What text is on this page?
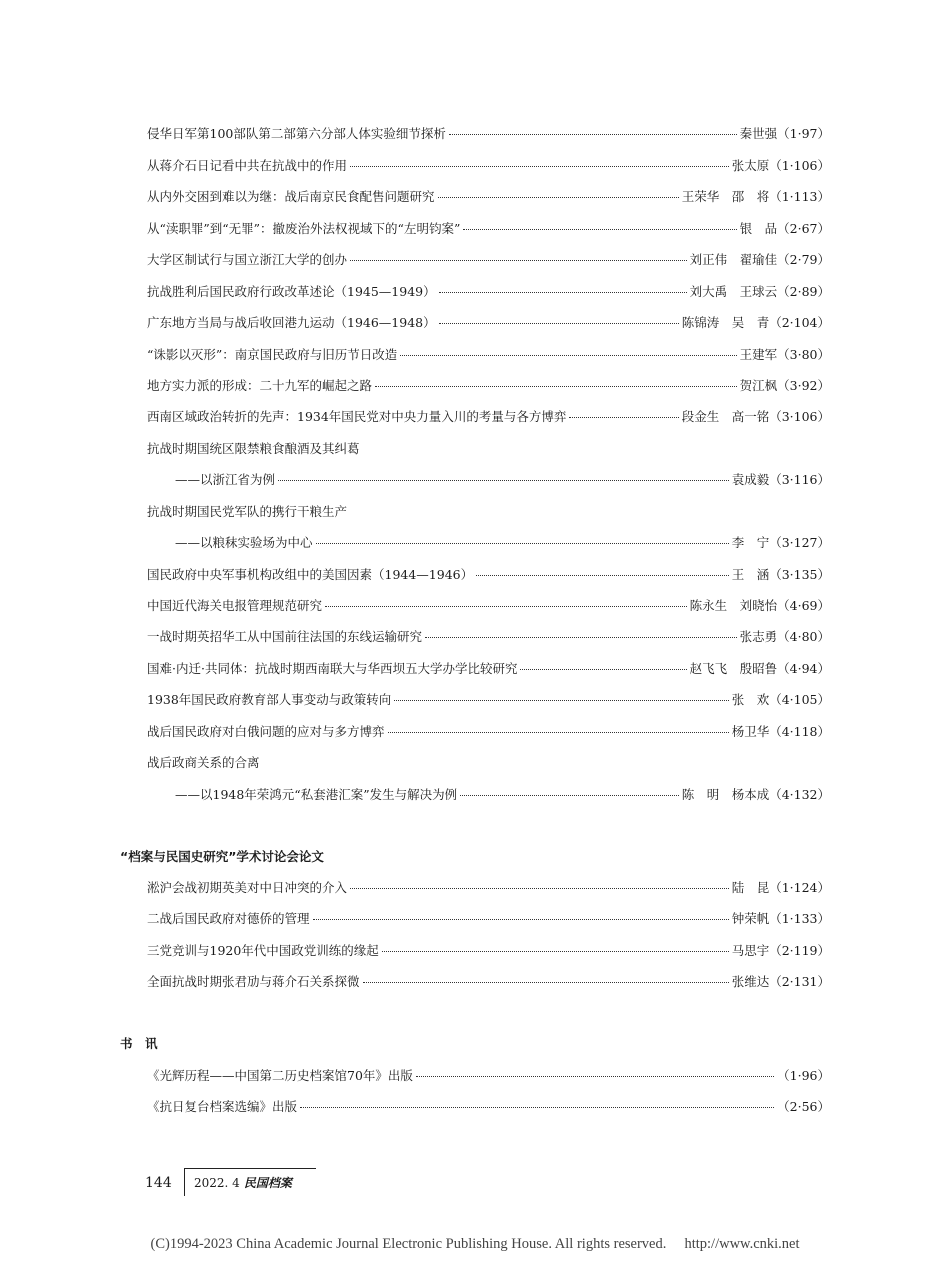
侵华日军第100部队第二部第六分部人体实验细节探析	秦世强 （1·97）
从蒋介石日记看中共在抗战中的作用	张太原 （1·106）
从内外交困到难以为继：战后南京民食配售问题研究	王荣华　邵　将 （1·113）
从“渎职罪”到“无罪”：撤废治外法权视域下的“左明钧案”	银　品 （2·67）
大学区制试行与国立浙江大学的创办	刘正伟　翟瑜佳 （2·79）
抗战胜利后国民政府行政改革述论（1945—1949）	刘大禹　王球云 （2·89）
广东地方当局与战后收回港九运动（1946—1948）	陈锦涛　吴　青 （2·104）
“诛影以灭形”：南京国民政府与旧历节日改造	王建军 （3·80）
地方实力派的形成：二十九军的崛起之路	贺江枫 （3·92）
西南区域政治转折的先声：1934年国民党对中央力量入川的考量与各方博弈	段金生　高一铭 （3·106）
抗战时期国统区限禁粮食酿酒及其纠葛
——以浙江省为例	袁成毅 （3·116）
抗战时期国民党军队的携行干粮生产
——以粮秣实验场为中心	李　宁 （3·127）
国民政府中央军事机构改组中的美国因素（1944—1946）	王　涵 （3·135）
中国近代海关电报管理规范研究	陈永生　刘晓怡 （4·69）
一战时期英招华工从中国前往法国的东线运输研究	张志勇 （4·80）
国难·内迁·共同体：抗战时期西南联大与华西坝五大学办学比较研究	赵飞飞　殷昭鲁 （4·94）
1938年国民政府教育部人事变动与政策转向	张　欢 （4·105）
战后国民政府对白俄问题的应对与多方博弈	杨卫华 （4·118）
战后政商关系的合离
——以1948年荣鸿元“私套港汇案”发生与解决为例	陈　明　杨本成 （4·132）
“档案与民国史研究”学术讨论会论文
淞沪会战初期英美对中日冲突的介入	陆　昆 （1·124）
二战后国民政府对德侨的管理	钟荣帆 （1·133）
三党竞训与1920年代中国政党训练的缘起	马思宇 （2·119）
全面抗战时期张君劢与蒋介石关系探微	张维达 （2·131）
书　讯
《光辉历程——中国第二历史档案馆70年》出版	（1·96）
《抗日复台档案选编》出版	（2·56）
144 2022. 4 民国档案
(C)1994-2023 China Academic Journal Electronic Publishing House. All rights reserved.　 http://www.cnki.net
